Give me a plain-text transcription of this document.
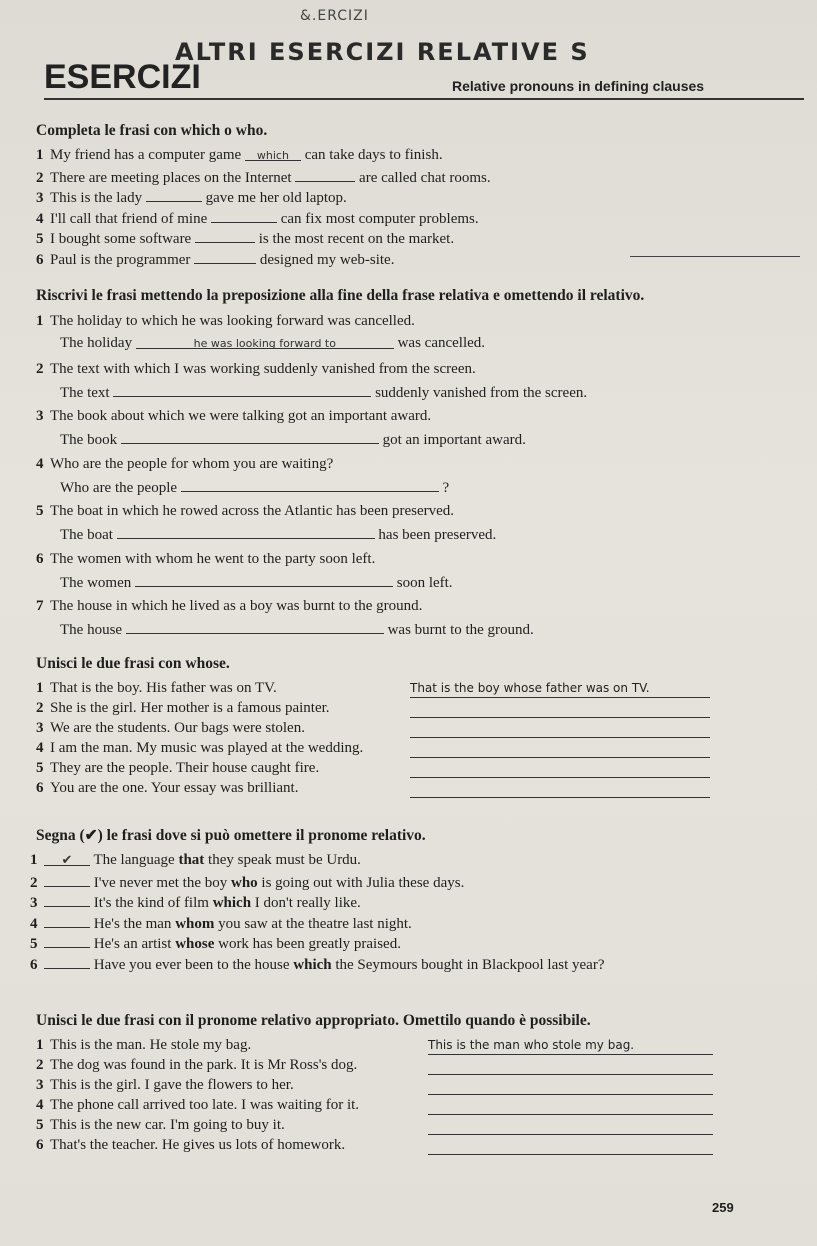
&.ERCIZI
ALTRI ESERCIZI RELATIVE S
ESERCIZI	Relative pronouns in defining clauses
Completa le frasi con which o who.
1 My friend has a computer game which can take days to finish.
2 There are meeting places on the Internet	are called chat rooms.
3 This is the lady	gave me her old laptop.
4 I'll call that friend of mine	can fix most computer problems.
5 I bought some software	is the most recent on the market.
6 Paul is the programmer	designed my web-site.
Riscrivi le frasi mettendo la preposizione alla fine della frase relativa e omettendo il relativo.
1 The holiday to which he was looking forward was cancelled.
The holiday	he was looking forward to	was cancelled.
2 The text with which I was working suddenly vanished from the screen.
The text	suddenly vanished from the screen.
3 The book about which we were talking got an important award.
The book	got an important award.
4 Who are the people for whom you are waiting?
Who are the people	?
5 The boat in which he rowed across the Atlantic has been preserved.
The boat	has been preserved.
6 The women with whom he went to the party soon left.
The women	soon left.
7 The house in which he lived as a boy was burnt to the ground.
The house	was burnt to the ground.
Unisci le due frasi con whose.
1 That is the boy. His father was on TV.	That is the boy whose father was on TV.
2 She is the girl. Her mother is a famous painter.
3 We are the students. Our bags were stolen.
4 I am the man. My music was played at the wedding.
5 They are the people. Their house caught fire.
6 You are the one. Your essay was brilliant.
Segna (✔) le frasi dove si può omettere il pronome relativo.
1 ✔ The language that they speak must be Urdu.
2	I've never met the boy who is going out with Julia these days.
3	It's the kind of film which I don't really like.
4	He's the man whom you saw at the theatre last night.
5	He's an artist whose work has been greatly praised.
6	Have you ever been to the house which the Seymours bought in Blackpool last year?
Unisci le due frasi con il pronome relativo appropriato. Omettilo quando è possibile.
1 This is the man. He stole my bag.	This is the man who stole my bag.
2 The dog was found in the park. It is Mr Ross's dog.
3 This is the girl. I gave the flowers to her.
4 The phone call arrived too late. I was waiting for it.
5 This is the new car. I'm going to buy it.
6 That's the teacher. He gives us lots of homework.
259
